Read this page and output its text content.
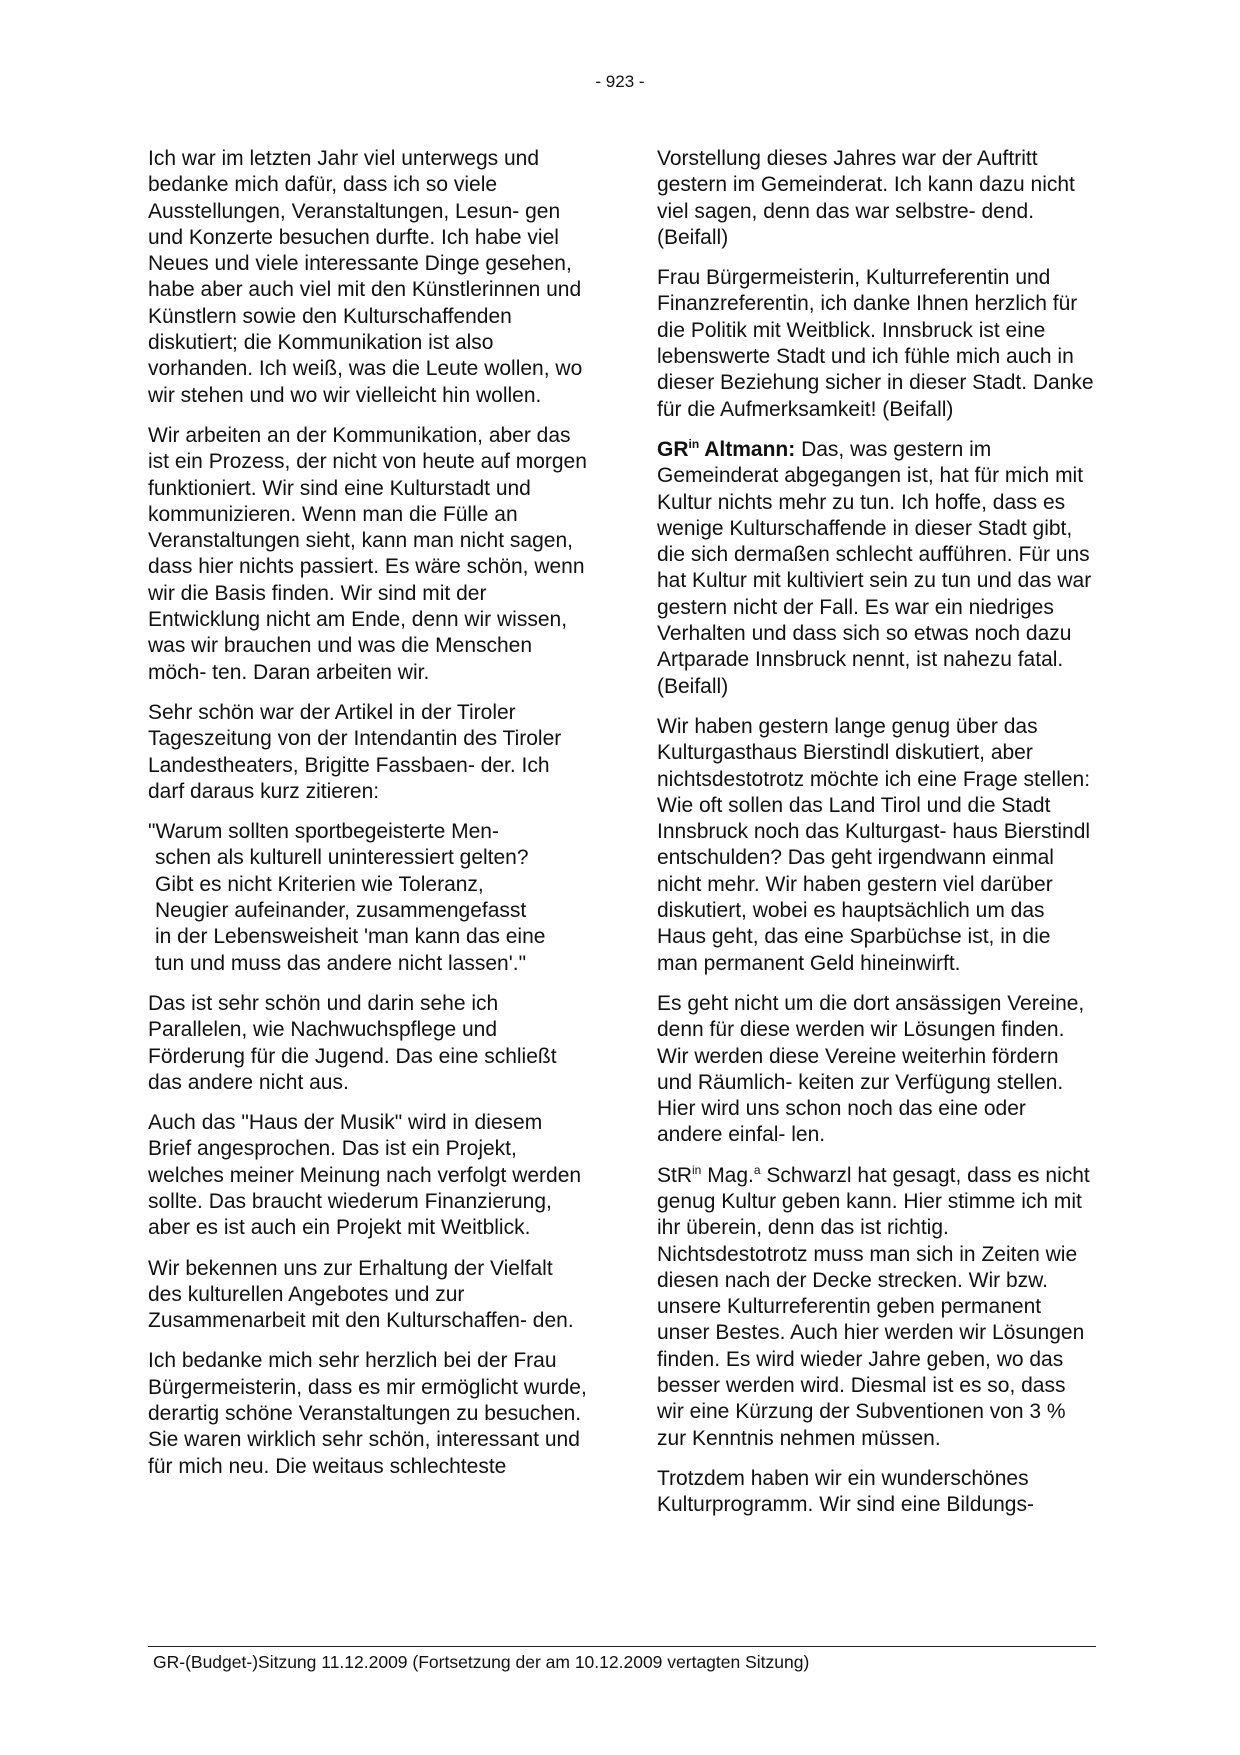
- 923 -

Ich war im letzten Jahr viel unterwegs und bedanke mich dafür, dass ich so viele Ausstellungen, Veranstaltungen, Lesun- gen und Konzerte besuchen durfte. Ich habe viel Neues und viele interessante Dinge gesehen, habe aber auch viel mit den Künstlerinnen und Künstlern sowie den Kulturschaffenden diskutiert; die Kommunikation ist also vorhanden. Ich weiß, was die Leute wollen, wo wir stehen und wo wir vielleicht hin wollen.

Wir arbeiten an der Kommunikation, aber das ist ein Prozess, der nicht von heute auf morgen funktioniert. Wir sind eine Kulturstadt und kommunizieren. Wenn man die Fülle an Veranstaltungen sieht, kann man nicht sagen, dass hier nichts passiert. Es wäre schön, wenn wir die Basis finden. Wir sind mit der Entwicklung nicht am Ende, denn wir wissen, was wir brauchen und was die Menschen möch- ten. Daran arbeiten wir.

Sehr schön war der Artikel in der Tiroler Tageszeitung von der Intendantin des Tiroler Landestheaters, Brigitte Fassbaen- der. Ich darf daraus kurz zitieren:

"Warum sollten sportbegeisterte Men-
schen als kulturell uninteressiert gelten?
Gibt es nicht Kriterien wie Toleranz,
Neugier aufeinander, zusammengefasst
in der Lebensweisheit 'man kann das eine
tun und muss das andere nicht lassen'."

Das ist sehr schön und darin sehe ich Parallelen, wie Nachwuchspflege und Förderung für die Jugend. Das eine schließt das andere nicht aus.

Auch das "Haus der Musik" wird in diesem Brief angesprochen. Das ist ein Projekt, welches meiner Meinung nach verfolgt werden sollte. Das braucht wiederum Finanzierung, aber es ist auch ein Projekt mit Weitblick.

Wir bekennen uns zur Erhaltung der Vielfalt des kulturellen Angebotes und zur Zusammenarbeit mit den Kulturschaffen- den.

Ich bedanke mich sehr herzlich bei der Frau Bürgermeisterin, dass es mir ermöglicht wurde, derartig schöne Veranstaltungen zu besuchen. Sie waren wirklich sehr schön, interessant und für mich neu. Die weitaus schlechteste

Vorstellung dieses Jahres war der Auftritt gestern im Gemeinderat. Ich kann dazu nicht viel sagen, denn das war selbstre- dend. (Beifall)

Frau Bürgermeisterin, Kulturreferentin und Finanzreferentin, ich danke Ihnen herzlich für die Politik mit Weitblick. Innsbruck ist eine lebenswerte Stadt und ich fühle mich auch in dieser Beziehung sicher in dieser Stadt. Danke für die Aufmerksamkeit! (Beifall)

$GR^{in}$ Altmann: Das, was gestern im Gemeinderat abgegangen ist, hat für mich mit Kultur nichts mehr zu tun. Ich hoffe, dass es wenige Kulturschaffende in dieser Stadt gibt, die sich dermaßen schlecht aufführen. Für uns hat Kultur mit kultiviert sein zu tun und das war gestern nicht der Fall. Es war ein niedriges Verhalten und dass sich so etwas noch dazu Artparade Innsbruck nennt, ist nahezu fatal. (Beifall)

Wir haben gestern lange genug über das Kulturgasthaus Bierstindl diskutiert, aber nichtsdestotrotz möchte ich eine Frage stellen: Wie oft sollen das Land Tirol und die Stadt Innsbruck noch das Kulturgast- haus Bierstindl entschulden? Das geht irgendwann einmal nicht mehr. Wir haben gestern viel darüber diskutiert, wobei es hauptsächlich um das Haus geht, das eine Sparbüchse ist, in die man permanent Geld hineinwirft.

Es geht nicht um die dort ansässigen Vereine, denn für diese werden wir Lösungen finden. Wir werden diese Vereine weiterhin fördern und Räumlich- keiten zur Verfügung stellen. Hier wird uns schon noch das eine oder andere einfal- len.

StR$^{in}$ Mag.$^a$ Schwarzl hat gesagt, dass es nicht genug Kultur geben kann. Hier stimme ich mit ihr überein, denn das ist richtig. Nichtsdestotrotz muss man sich in Zeiten wie diesen nach der Decke strecken. Wir bzw. unsere Kulturreferentin geben permanent unser Bestes. Auch hier werden wir Lösungen finden. Es wird wieder Jahre geben, wo das besser werden wird. Diesmal ist es so, dass wir eine Kürzung der Subventionen von 3 % zur Kenntnis nehmen müssen.

Trotzdem haben wir ein wunderschönes Kulturprogramm. Wir sind eine Bildungs-

GR-(Budget-)Sitzung 11.12.2009 (Fortsetzung der am 10.12.2009 vertagten Sitzung)
